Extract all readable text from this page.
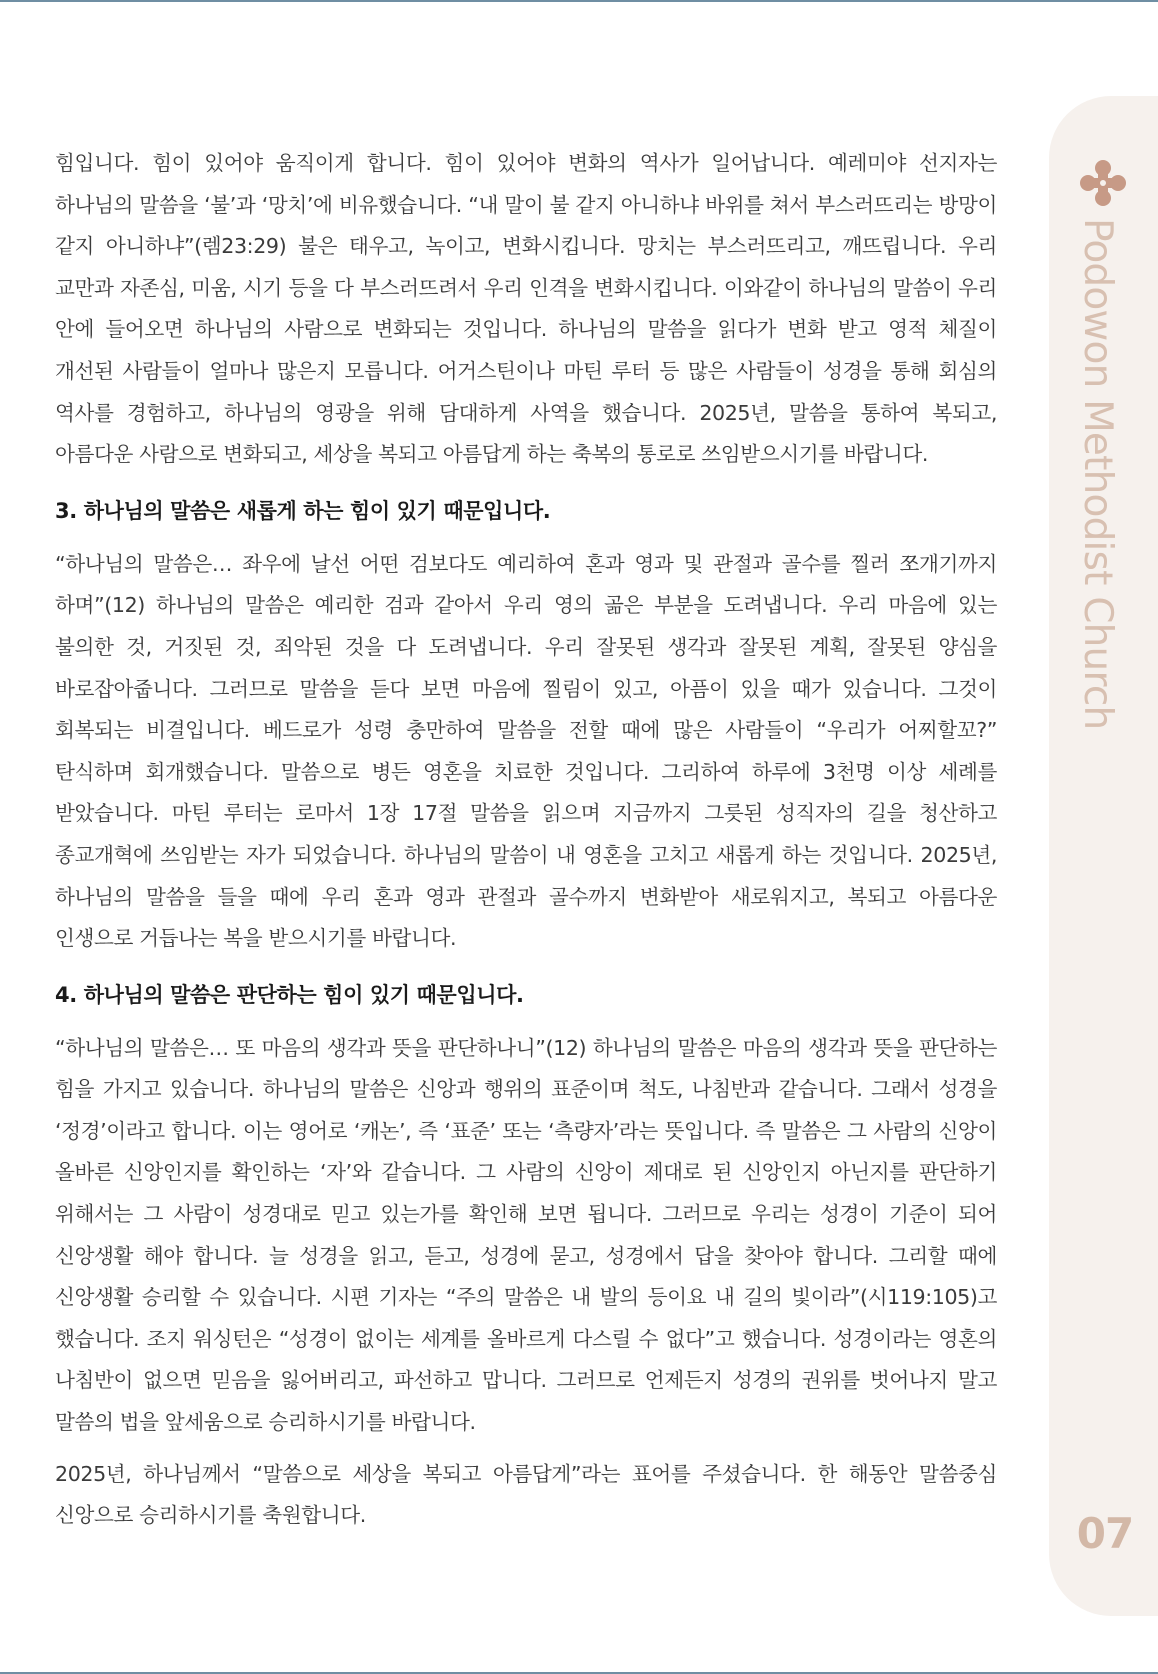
힘입니다. 힘이 있어야 움직이게 합니다. 힘이 있어야 변화의 역사가 일어납니다. 예레미야 선지자는 하나님의 말씀을 ‘불’과 ‘망치’에 비유했습니다. “내 말이 불 같지 아니하냐 바위를 쳐서 부스러뜨리는 방망이 같지 아니하냐”(렘23:29) 불은 태우고, 녹이고, 변화시킵니다. 망치는 부스러뜨리고, 깨뜨립니다. 우리 교만과 자존심, 미움, 시기 등을 다 부스러뜨려서 우리 인격을 변화시킵니다. 이와같이 하나님의 말씀이 우리 안에 들어오면 하나님의 사람으로 변화되는 것입니다. 하나님의 말씀을 읽다가 변화 받고 영적 체질이 개선된 사람들이 얼마나 많은지 모릅니다. 어거스틴이나 마틴 루터 등 많은 사람들이 성경을 통해 회심의 역사를 경험하고, 하나님의 영광을 위해 담대하게 사역을 했습니다. 2025년, 말씀을 통하여 복되고, 아름다운 사람으로 변화되고, 세상을 복되고 아름답게 하는 축복의 통로로 쓰임받으시기를 바랍니다.

3. 하나님의 말씀은 새롭게 하는 힘이 있기 때문입니다.

“하나님의 말씀은… 좌우에 날선 어떤 검보다도 예리하여 혼과 영과 및 관절과 골수를 찔러 쪼개기까지 하며”(12) 하나님의 말씀은 예리한 검과 같아서 우리 영의 곪은 부분을 도려냅니다. 우리 마음에 있는 불의한 것, 거짓된 것, 죄악된 것을 다 도려냅니다. 우리 잘못된 생각과 잘못된 계획, 잘못된 양심을 바로잡아줍니다. 그러므로 말씀을 듣다 보면 마음에 찔림이 있고, 아픔이 있을 때가 있습니다. 그것이 회복되는 비결입니다. 베드로가 성령 충만하여 말씀을 전할 때에 많은 사람들이 “우리가 어찌할꼬?” 탄식하며 회개했습니다. 말씀으로 병든 영혼을 치료한 것입니다. 그리하여 하루에 3천명 이상 세례를 받았습니다. 마틴 루터는 로마서 1장 17절 말씀을 읽으며 지금까지 그릇된 성직자의 길을 청산하고 종교개혁에 쓰임받는 자가 되었습니다. 하나님의 말씀이 내 영혼을 고치고 새롭게 하는 것입니다. 2025년, 하나님의 말씀을 들을 때에 우리 혼과 영과 관절과 골수까지 변화받아 새로워지고, 복되고 아름다운 인생으로 거듭나는 복을 받으시기를 바랍니다.

4. 하나님의 말씀은 판단하는 힘이 있기 때문입니다.

“하나님의 말씀은… 또 마음의 생각과 뜻을 판단하나니”(12) 하나님의 말씀은 마음의 생각과 뜻을 판단하는 힘을 가지고 있습니다. 하나님의 말씀은 신앙과 행위의 표준이며 척도, 나침반과 같습니다. 그래서 성경을 ‘정경’이라고 합니다. 이는 영어로 ‘캐논’, 즉 ‘표준’ 또는 ‘측량자’라는 뜻입니다. 즉 말씀은 그 사람의 신앙이 올바른 신앙인지를 확인하는 ‘자’와 같습니다. 그 사람의 신앙이 제대로 된 신앙인지 아닌지를 판단하기 위해서는 그 사람이 성경대로 믿고 있는가를 확인해 보면 됩니다. 그러므로 우리는 성경이 기준이 되어 신앙생활 해야 합니다. 늘 성경을 읽고, 듣고, 성경에 묻고, 성경에서 답을 찾아야 합니다. 그리할 때에 신앙생활 승리할 수 있습니다. 시편 기자는 “주의 말씀은 내 발의 등이요 내 길의 빛이라”(시119:105)고 했습니다. 조지 워싱턴은 “성경이 없이는 세계를 올바르게 다스릴 수 없다”고 했습니다. 성경이라는 영혼의 나침반이 없으면 믿음을 잃어버리고, 파선하고 맙니다. 그러므로 언제든지 성경의 권위를 벗어나지 말고 말씀의 법을 앞세움으로 승리하시기를 바랍니다.

2025년, 하나님께서 “말씀으로 세상을 복되고 아름답게”라는 표어를 주셨습니다. 한 해동안 말씀중심 신앙으로 승리하시기를 축원합니다.

Podowon Methodist Church
07
